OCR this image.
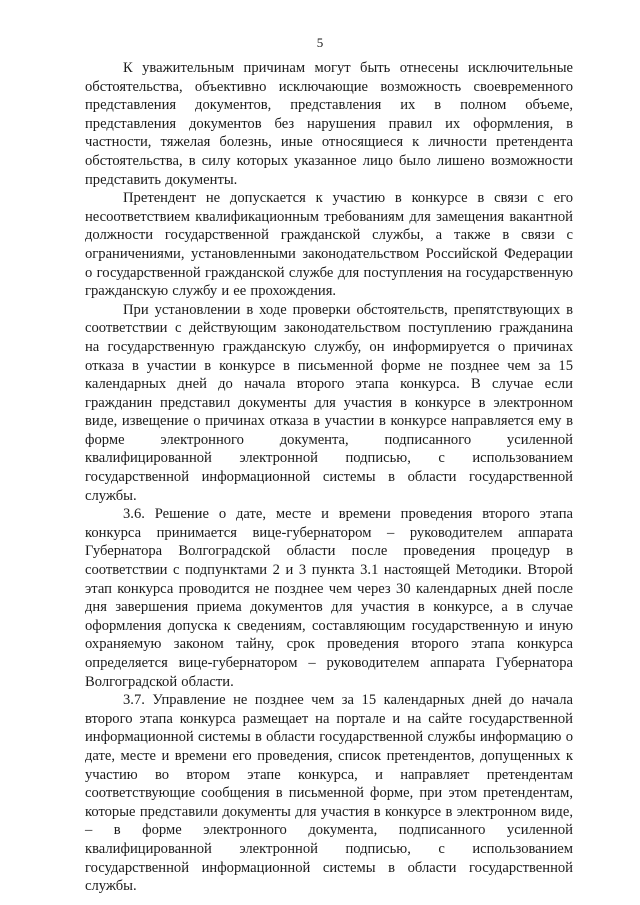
5

К уважительным причинам могут быть отнесены исключительные обстоятельства, объективно исключающие возможность своевременного представления документов, представления их в полном объеме, представления документов без нарушения правил их оформления, в частности, тяжелая болезнь, иные относящиеся к личности претендента обстоятельства, в силу которых указанное лицо было лишено возможности представить документы.

Претендент не допускается к участию в конкурсе в связи с его несоответствием квалификационным требованиям для замещения вакантной должности государственной гражданской службы, а также в связи с ограничениями, установленными законодательством Российской Федерации о государственной гражданской службе для поступления на государственную гражданскую службу и ее прохождения.

При установлении в ходе проверки обстоятельств, препятствующих в соответствии с действующим законодательством поступлению гражданина на государственную гражданскую службу, он информируется о причинах отказа в участии в конкурсе в письменной форме не позднее чем за 15 календарных дней до начала второго этапа конкурса. В случае если гражданин представил документы для участия в конкурсе в электронном виде, извещение о причинах отказа в участии в конкурсе направляется ему в форме электронного документа, подписанного усиленной квалифицированной электронной подписью, с использованием государственной информационной системы в области государственной службы.

3.6. Решение о дате, месте и времени проведения второго этапа конкурса принимается вице-губернатором – руководителем аппарата Губернатора Волгоградской области после проведения процедур в соответствии с подпунктами 2 и 3 пункта 3.1 настоящей Методики. Второй этап конкурса проводится не позднее чем через 30 календарных дней после дня завершения приема документов для участия в конкурсе, а в случае оформления допуска к сведениям, составляющим государственную и иную охраняемую законом тайну, срок проведения второго этапа конкурса определяется вице-губернатором – руководителем аппарата Губернатора Волгоградской области.

3.7. Управление не позднее чем за 15 календарных дней до начала второго этапа конкурса размещает на портале и на сайте государственной информационной системы в области государственной службы информацию о дате, месте и времени его проведения, список претендентов, допущенных к участию во втором этапе конкурса, и направляет претендентам соответствующие сообщения в письменной форме, при этом претендентам, которые представили документы для участия в конкурсе в электронном виде, – в форме электронного документа, подписанного усиленной квалифицированной электронной подписью, с использованием государственной информационной системы в области государственной службы.
